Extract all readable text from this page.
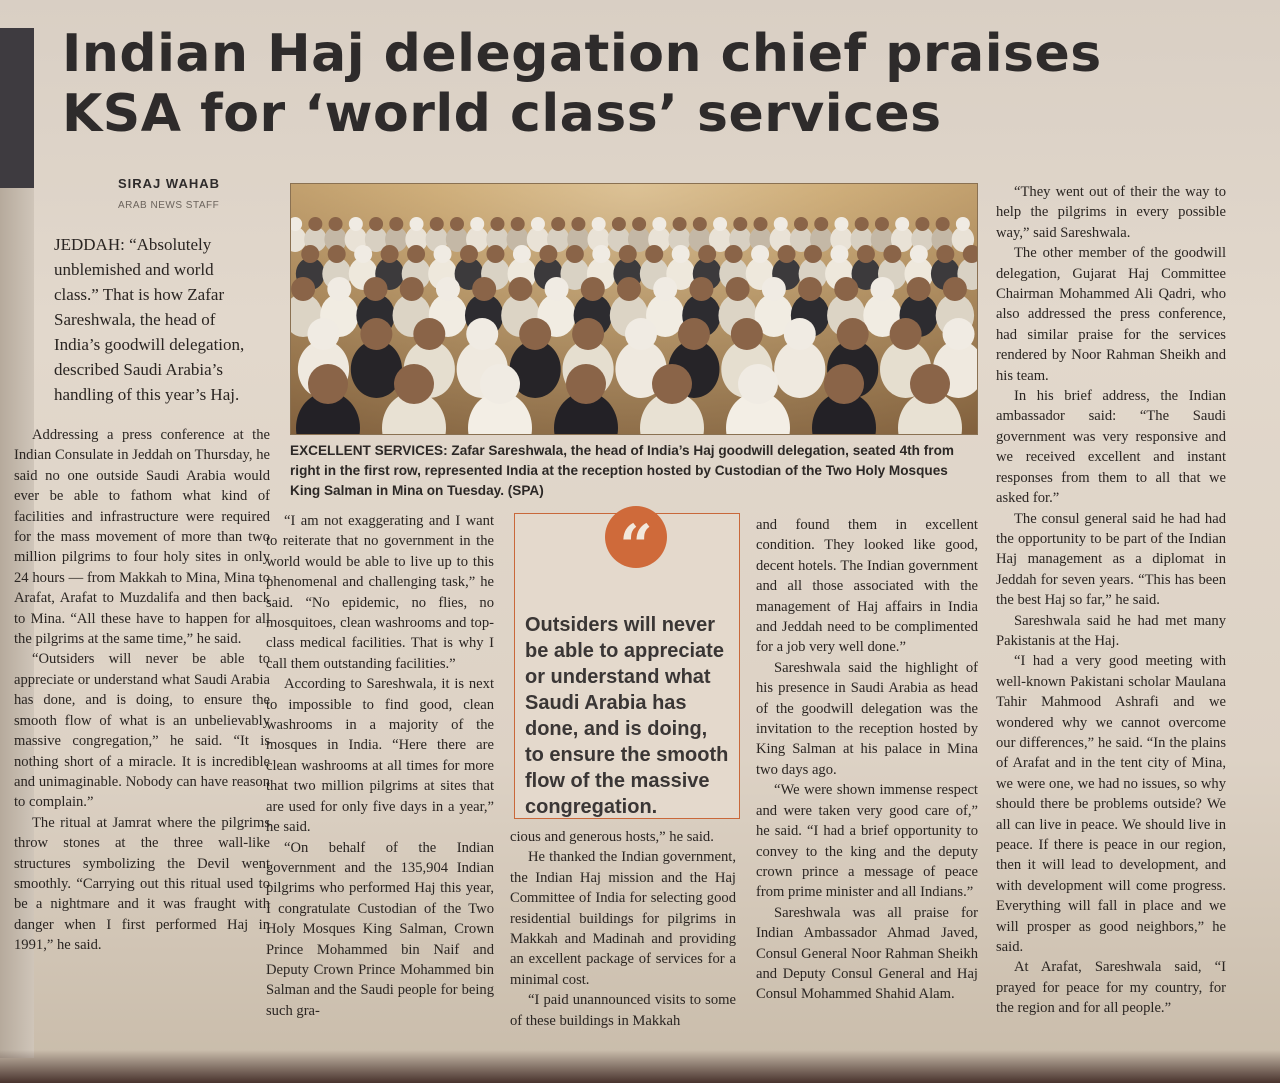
Indian Haj delegation chief praises
KSA for ‘world class’ services
SIRAJ WAHAB
ARAB NEWS STAFF
JEDDAH: “Absolutely unblemished and world class.” That is how Zafar Sareshwala, the head of India’s goodwill delegation, described Saudi Arabia’s handling of this year’s Haj.

Addressing a press conference at the Indian Consulate in Jeddah on Thursday, he said no one outside Saudi Arabia would ever be able to fathom what kind of facilities and infrastructure were required for the mass movement of more than two million pilgrims to four holy sites in only 24 hours — from Makkah to Mina, Mina to Arafat, Arafat to Muzdalifa and then back to Mina. “All these have to happen for all the pilgrims at the same time,” he said.

“Outsiders will never be able to appreciate or understand what Saudi Arabia has done, and is doing, to ensure the smooth flow of what is an unbelievably massive congregation,” he said. “It is nothing short of a miracle. It is incredible and unimaginable. Nobody can have reason to complain.”

The ritual at Jamrat where the pilgrims throw stones at the three wall-like structures symbolizing the Devil went smoothly. “Carrying out this ritual used to be a nightmare and it was fraught with danger when I first performed Haj in 1991,” he said.

EXCELLENT SERVICES: Zafar Sareshwala, the head of India’s Haj goodwill delegation, seated 4th from right in the first row, represented India at the reception hosted by Custodian of the Two Holy Mosques King Salman in Mina on Tuesday. (SPA)

“I am not exaggerating and I want to reiterate that no government in the world would be able to live up to this phenomenal and challenging task,” he said. “No epidemic, no flies, no mosquitoes, clean washrooms and top-class medical facilities. That is why I call them outstanding facilities.”

According to Sareshwala, it is next to impossible to find good, clean washrooms in a majority of the mosques in India. “Here there are clean washrooms at all times for more that two million pilgrims at sites that are used for only five days in a year,” he said.

“On behalf of the Indian government and the 135,904 Indian pilgrims who performed Haj this year, I congratulate Custodian of the Two Holy Mosques King Salman, Crown Prince Mohammed bin Naif and Deputy Crown Prince Mohammed bin Salman and the Saudi people for being such gra-

“
Outsiders will never be able to appreciate or understand what Saudi Arabia has done, and is doing, to ensure the smooth flow of the massive congregation.

cious and generous hosts,” he said.

He thanked the Indian government, the Indian Haj mission and the Haj Committee of India for selecting good residential buildings for pilgrims in Makkah and Madinah and providing an excellent package of services for a minimal cost.

“I paid unannounced visits to some of these buildings in Makkah

and found them in excellent condition. They looked like good, decent hotels. The Indian government and all those associated with the management of Haj affairs in India and Jeddah need to be complimented for a job very well done.”

Sareshwala said the highlight of his presence in Saudi Arabia as head of the goodwill delegation was the invitation to the reception hosted by King Salman at his palace in Mina two days ago.

“We were shown immense respect and were taken very good care of,” he said. “I had a brief opportunity to convey to the king and the deputy crown prince a message of peace from prime minister and all Indians.”

Sareshwala was all praise for Indian Ambassador Ahmad Javed, Consul General Noor Rahman Sheikh and Deputy Consul General and Haj Consul Mohammed Shahid Alam.

“They went out of their the way to help the pilgrims in every possible way,” said Sareshwala.

The other member of the goodwill delegation, Gujarat Haj Committee Chairman Mohammed Ali Qadri, who also addressed the press conference, had similar praise for the services rendered by Noor Rahman Sheikh and his team.

In his brief address, the Indian ambassador said: “The Saudi government was very responsive and we received excellent and instant responses from them to all that we asked for.”

The consul general said he had had the opportunity to be part of the Indian Haj management as a diplomat in Jeddah for seven years. “This has been the best Haj so far,” he said.

Sareshwala said he had met many Pakistanis at the Haj.

“I had a very good meeting with well-known Pakistani scholar Maulana Tahir Mahmood Ashrafi and we wondered why we cannot overcome our differences,” he said. “In the plains of Arafat and in the tent city of Mina, we were one, we had no issues, so why should there be problems outside? We all can live in peace. We should live in peace. If there is peace in our region, then it will lead to development, and with development will come progress. Everything will fall in place and we will prosper as good neighbors,” he said.

At Arafat, Sareshwala said, “I prayed for peace for my country, for the region and for all people.”
